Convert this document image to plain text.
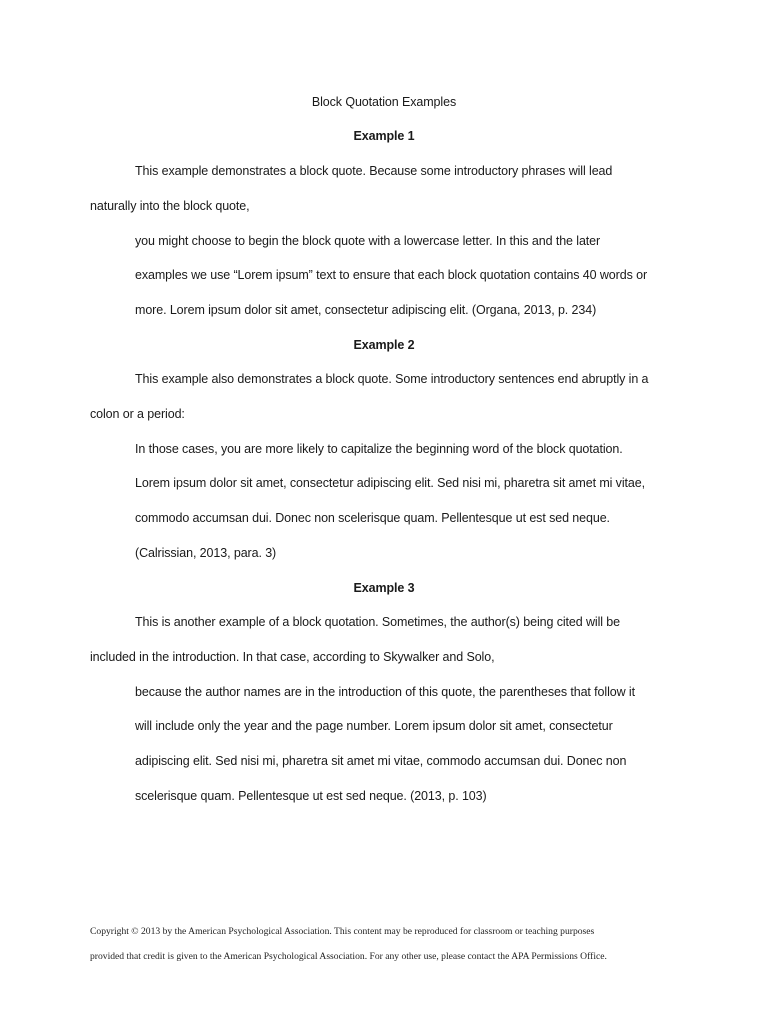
Block Quotation Examples
Example 1
This example demonstrates a block quote. Because some introductory phrases will lead
naturally into the block quote,
you might choose to begin the block quote with a lowercase letter. In this and the later
examples we use “Lorem ipsum” text to ensure that each block quotation contains 40 words or
more. Lorem ipsum dolor sit amet, consectetur adipiscing elit. (Organa, 2013, p. 234)
Example 2
This example also demonstrates a block quote. Some introductory sentences end abruptly in a
colon or a period:
In those cases, you are more likely to capitalize the beginning word of the block quotation.
Lorem ipsum dolor sit amet, consectetur adipiscing elit. Sed nisi mi, pharetra sit amet mi vitae,
commodo accumsan dui. Donec non scelerisque quam. Pellentesque ut est sed neque.
(Calrissian, 2013, para. 3)
Example 3
This is another example of a block quotation. Sometimes, the author(s) being cited will be
included in the introduction. In that case, according to Skywalker and Solo,
because the author names are in the introduction of this quote, the parentheses that follow it
will include only the year and the page number. Lorem ipsum dolor sit amet, consectetur
adipiscing elit. Sed nisi mi, pharetra sit amet mi vitae, commodo accumsan dui. Donec non
scelerisque quam. Pellentesque ut est sed neque. (2013, p. 103)
Copyright © 2013 by the American Psychological Association. This content may be reproduced for classroom or teaching purposes
provided that credit is given to the American Psychological Association. For any other use, please contact the APA Permissions Office.
